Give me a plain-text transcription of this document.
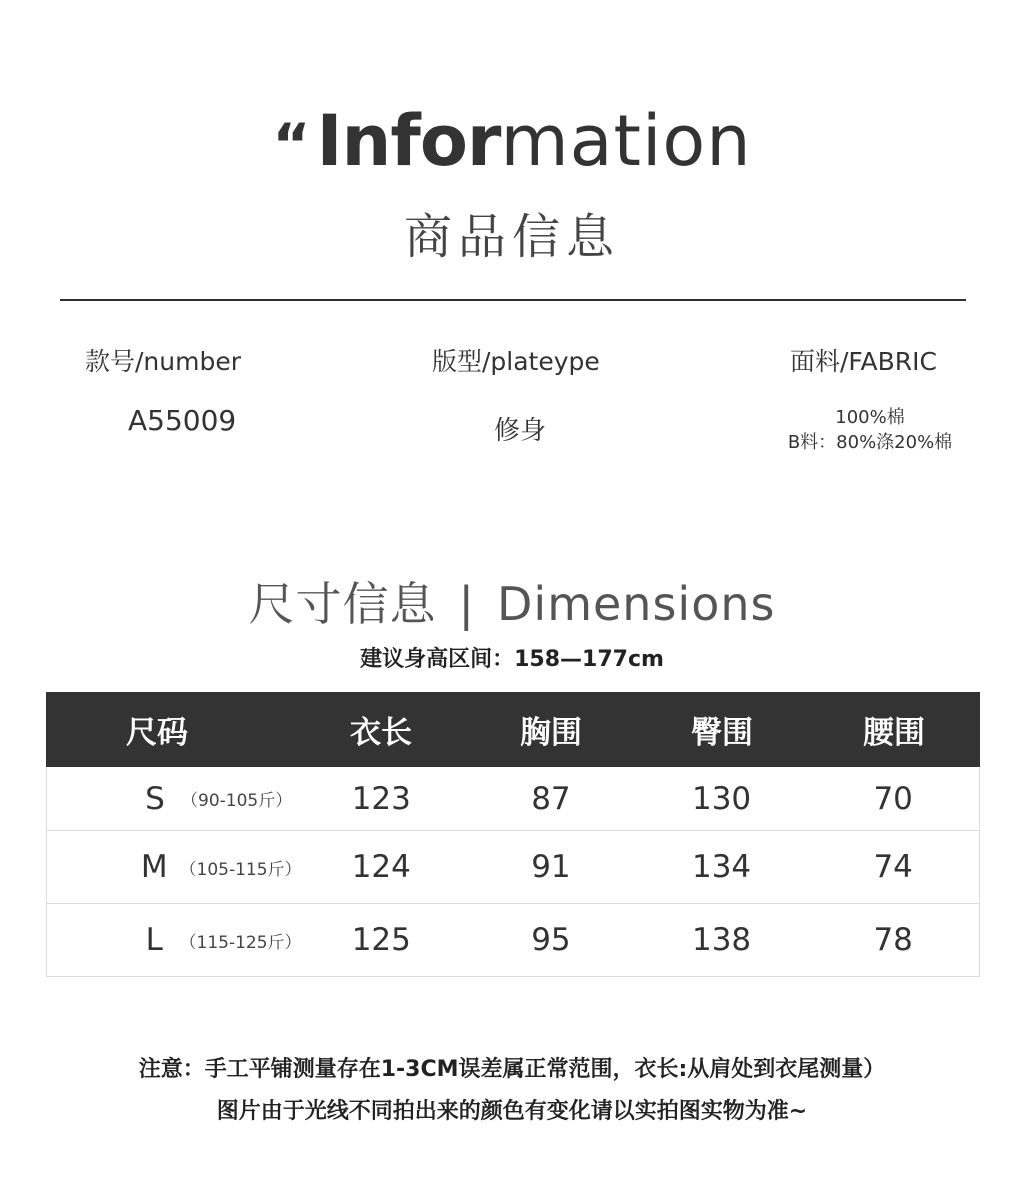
“ Infor mation
商品信息
款号/number
A55009
版型/plateype
修身
面料/FABRIC
100%棉
B料：80%涤20%棉
尺寸信息 | Dimensions
建议身高区间：158—177cm
尺码	衣长	胸围	臀围	腰围
S （90-105斤）	123	87	130	70
M （105-115斤）	124	91	134	74
L （115-125斤）	125	95	138	78
注意：手工平铺测量存在1-3CM误差属正常范围，衣长:从肩处到衣尾测量）
图片由于光线不同拍出来的颜色有变化请以实拍图实物为准~
